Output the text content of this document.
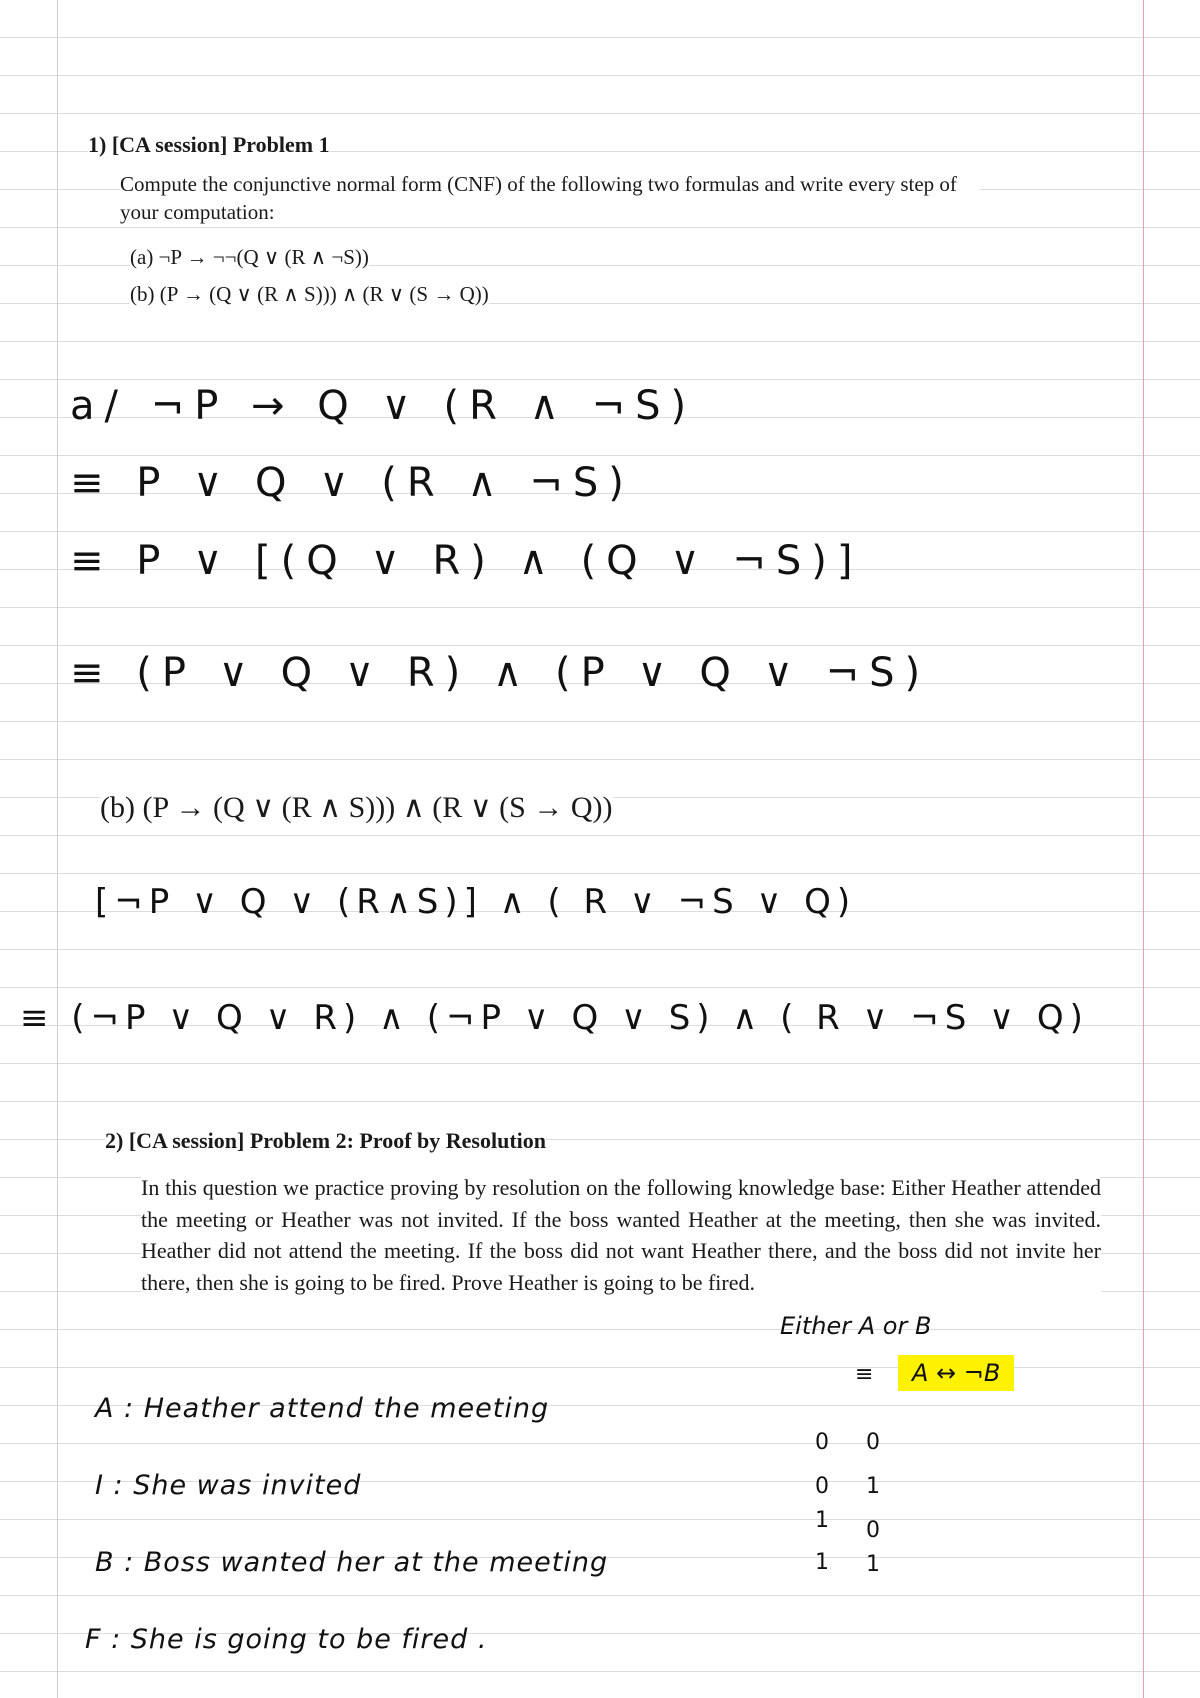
1) [CA session] Problem 1
Compute the conjunctive normal form (CNF) of the following two formulas and write every step of your computation:
(a) ¬P → ¬¬(Q ∨ (R ∧ ¬S))
(b) (P → (Q ∨ (R ∧ S))) ∧ (R ∨ (S → Q))
a/ ¬P → Q ∨ (R ∧ ¬S)
≡ P ∨ Q ∨ (R ∧ ¬S)
≡ P ∨ [(Q ∨ R) ∧ (Q ∨ ¬S)]
≡ (P ∨ Q ∨ R) ∧ (P ∨ Q ∨ ¬S)
(b) (P → (Q ∨ (R ∧ S))) ∧ (R ∨ (S → Q))
[¬P ∨ Q ∨ (R∧S)] ∧ ( R ∨ ¬S ∨ Q)
≡ (¬P ∨ Q ∨ R) ∧ (¬P ∨ Q ∨ S) ∧ ( R ∨ ¬S ∨ Q)
2) [CA session] Problem 2: Proof by Resolution
In this question we practice proving by resolution on the following knowledge base: Either Heather attended the meeting or Heather was not invited. If the boss wanted Heather at the meeting, then she was invited. Heather did not attend the meeting. If the boss did not want Heather there, and the boss did not invite her there, then she is going to be fired. Prove Heather is going to be fired.
Either A or B
≡	A ↔ ¬B
A : Heather attend the meeting
I : She was invited
B : Boss wanted her at the meeting
F : She is going to be fired .
0 0
0 1
1 0
1 1
